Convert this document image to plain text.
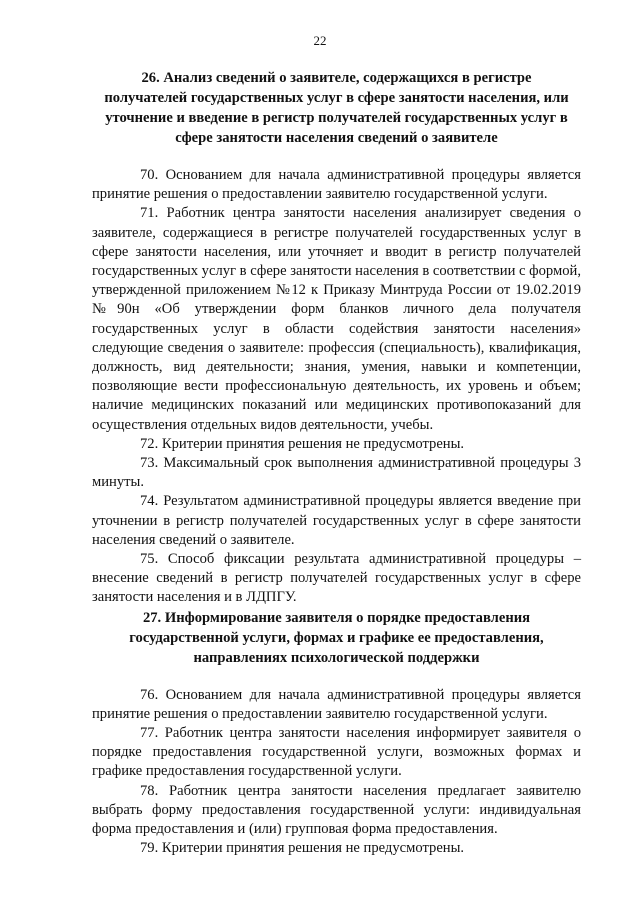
22
26. Анализ сведений о заявителе, содержащихся в регистре
получателей государственных услуг в сфере занятости населения, или
уточнение и введение в регистр получателей государственных услуг в
сфере занятости населения сведений о заявителе

70. Основанием для начала административной процедуры является принятие решения о предоставлении заявителю государственной услуги.

71. Работник центра занятости населения анализирует сведения о заявителе, содержащиеся в регистре получателей государственных услуг в сфере занятости населения, или уточняет и вводит в регистр получателей государственных услуг в сфере занятости населения в соответствии с формой, утвержденной приложением №12 к Приказу Минтруда России от 19.02.2019 №90н «Об утверждении форм бланков личного дела получателя государственных услуг в области содействия занятости населения» следующие сведения о заявителе: профессия (специальность), квалификация, должность, вид деятельности; знания, умения, навыки и компетенции, позволяющие вести профессиональную деятельность, их уровень и объем; наличие медицинских показаний или медицинских противопоказаний для осуществления отдельных видов деятельности, учебы.

72. Критерии принятия решения не предусмотрены.

73. Максимальный срок выполнения административной процедуры 3 минуты.

74. Результатом административной процедуры является введение при уточнении в регистр получателей государственных услуг в сфере занятости населения сведений о заявителе.

75. Способ фиксации результата административной процедуры – внесение сведений в регистр получателей государственных услуг в сфере занятости населения и в ЛДПГУ.

27. Информирование заявителя о порядке предоставления
государственной услуги, формах и графике ее предоставления,
направлениях психологической поддержки

76. Основанием для начала административной процедуры является принятие решения о предоставлении заявителю государственной услуги.

77. Работник центра занятости населения информирует заявителя о порядке предоставления государственной услуги, возможных формах и графике предоставления государственной услуги.

78. Работник центра занятости населения предлагает заявителю выбрать форму предоставления государственной услуги: индивидуальная форма предоставления и (или) групповая форма предоставления.

79. Критерии принятия решения не предусмотрены.
